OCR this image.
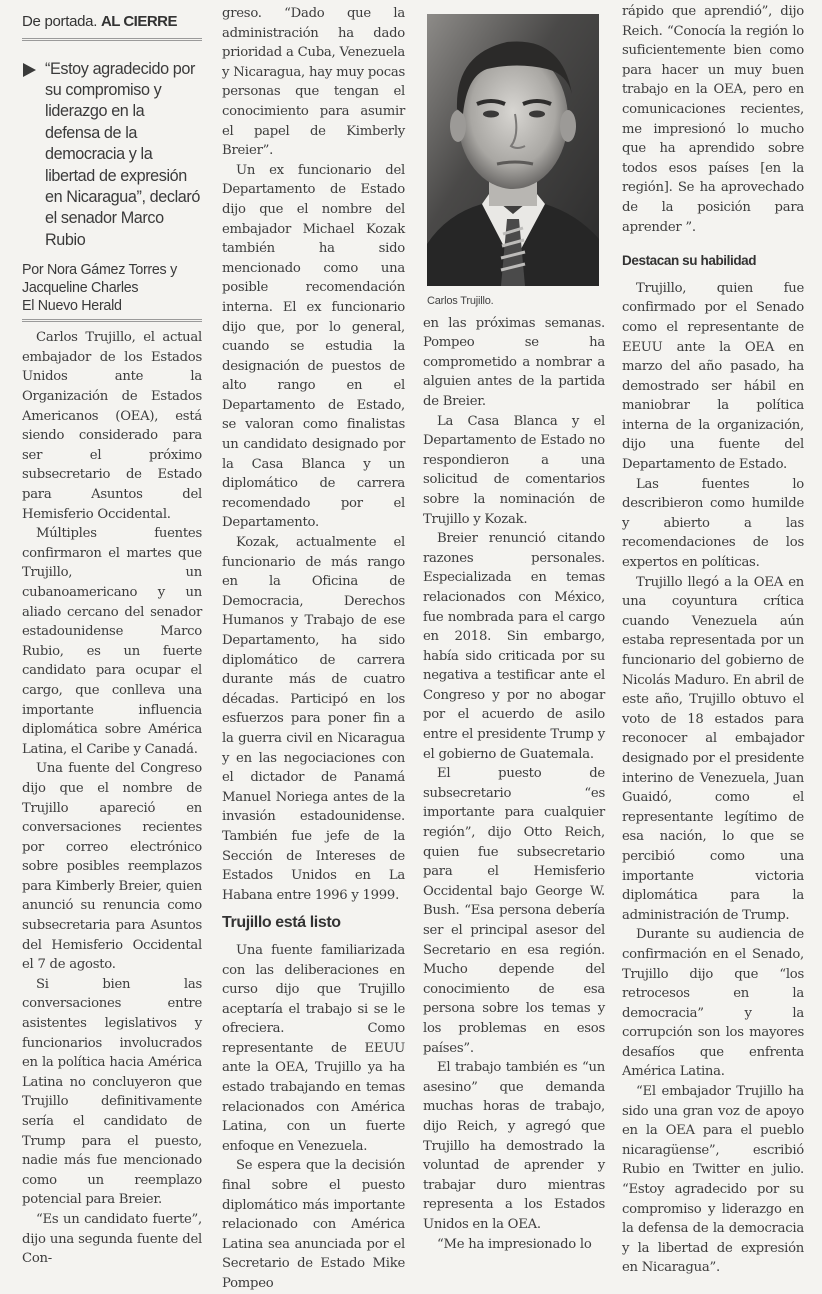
De portada. AL CIERRE
“Estoy agradecido por su compromiso y liderazgo en la defensa de la democracia y la libertad de expresión en Nicaragua”, declaró el senador Marco Rubio
Por Nora Gámez Torres y
Jacqueline Charles
El Nuevo Herald

Carlos Trujillo, el actual embajador de los Estados Unidos ante la Organización de Estados Americanos (OEA), está siendo considerado para ser el próximo subsecretario de Estado para Asuntos del Hemisferio Occidental.

Múltiples fuentes confirmaron el martes que Trujillo, un cubanoamericano y un aliado cercano del senador estadounidense Marco Rubio, es un fuerte candidato para ocupar el cargo, que conlleva una importante influencia diplomática sobre América Latina, el Caribe y Canadá.

Una fuente del Congreso dijo que el nombre de Trujillo apareció en conversaciones recientes por correo electrónico sobre posibles reemplazos para Kimberly Breier, quien anunció su renuncia como subsecretaria para Asuntos del Hemisferio Occidental el 7 de agosto.

Si bien las conversaciones entre asistentes legislativos y funcionarios involucrados en la política hacia América Latina no concluyeron que Trujillo definitivamente sería el candidato de Trump para el puesto, nadie más fue mencionado como un reemplazo potencial para Breier.

“Es un candidato fuerte”, dijo una segunda fuente del Con-

greso. “Dado que la administración ha dado prioridad a Cuba, Venezuela y Nicaragua, hay muy pocas personas que tengan el conocimiento para asumir el papel de Kimberly Breier”.

Un ex funcionario del Departamento de Estado dijo que el nombre del embajador Michael Kozak también ha sido mencionado como una posible recomendación interna. El ex funcionario dijo que, por lo general, cuando se estudia la designación de puestos de alto rango en el Departamento de Estado, se valoran como finalistas un candidato designado por la Casa Blanca y un diplomático de carrera recomendado por el Departamento.

Kozak, actualmente el funcionario de más rango en la Oficina de Democracia, Derechos Humanos y Trabajo de ese Departamento, ha sido diplomático de carrera durante más de cuatro décadas. Participó en los esfuerzos para poner fin a la guerra civil en Nicaragua y en las negociaciones con el dictador de Panamá Manuel Noriega antes de la invasión estadounidense. También fue jefe de la Sección de Intereses de Estados Unidos en La Habana entre 1996 y 1999.

Trujillo está listo

Una fuente familiarizada con las deliberaciones en curso dijo que Trujillo aceptaría el trabajo si se le ofreciera. Como representante de EEUU ante la OEA, Trujillo ya ha estado trabajando en temas relacionados con América Latina, con un fuerte enfoque en Venezuela.

Se espera que la decisión final sobre el puesto diplomático más importante relacionado con América Latina sea anunciada por el Secretario de Estado Mike Pompeo

Carlos Trujillo.

en las próximas semanas. Pompeo se ha comprometido a nombrar a alguien antes de la partida de Breier.

La Casa Blanca y el Departamento de Estado no respondieron a una solicitud de comentarios sobre la nominación de Trujillo y Kozak.

Breier renunció citando razones personales. Especializada en temas relacionados con México, fue nombrada para el cargo en 2018. Sin embargo, había sido criticada por su negativa a testificar ante el Congreso y por no abogar por el acuerdo de asilo entre el presidente Trump y el gobierno de Guatemala.

El puesto de subsecretario “es importante para cualquier región”, dijo Otto Reich, quien fue subsecretario para el Hemisferio Occidental bajo George W. Bush. “Esa persona debería ser el principal asesor del Secretario en esa región. Mucho depende del conocimiento de esa persona sobre los temas y los problemas en esos países”.

El trabajo también es “un asesino” que demanda muchas horas de trabajo, dijo Reich, y agregó que Trujillo ha demostrado la voluntad de aprender y trabajar duro mientras representa a los Estados Unidos en la OEA.

“Me ha impresionado lo

rápido que aprendió”, dijo Reich. “Conocía la región lo suficientemente bien como para hacer un muy buen trabajo en la OEA, pero en comunicaciones recientes, me impresionó lo mucho que ha aprendido sobre todos esos países [en la región]. Se ha aprovechado de la posición para aprender ”.

Destacan su habilidad

Trujillo, quien fue confirmado por el Senado como el representante de EEUU ante la OEA en marzo del año pasado, ha demostrado ser hábil en maniobrar la política interna de la organización, dijo una fuente del Departamento de Estado.

Las fuentes lo describieron como humilde y abierto a las recomendaciones de los expertos en políticas.

Trujillo llegó a la OEA en una coyuntura crítica cuando Venezuela aún estaba representada por un funcionario del gobierno de Nicolás Maduro. En abril de este año, Trujillo obtuvo el voto de 18 estados para reconocer al embajador designado por el presidente interino de Venezuela, Juan Guaidó, como el representante legítimo de esa nación, lo que se percibió como una importante victoria diplomática para la administración de Trump.

Durante su audiencia de confirmación en el Senado, Trujillo dijo que “los retrocesos en la democracia” y la corrupción son los mayores desafíos que enfrenta América Latina.

“El embajador Trujillo ha sido una gran voz de apoyo en la OEA para el pueblo nicaragüense”, escribió Rubio en Twitter en julio. “Estoy agradecido por su compromiso y liderazgo en la defensa de la democracia y la libertad de expresión en Nicaragua”.
